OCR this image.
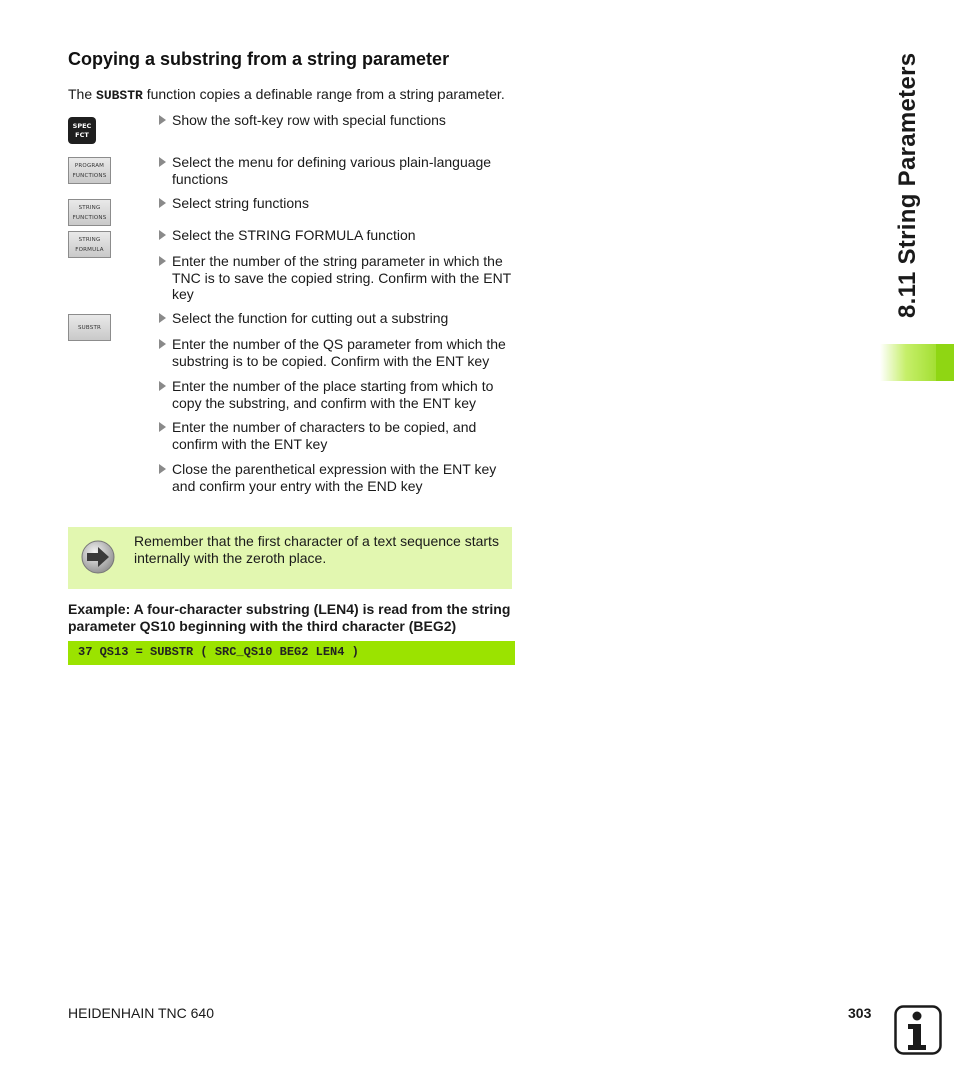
Copying a substring from a string parameter
The SUBSTR function copies a definable range from a string parameter.
SPEC
FCT
PROGRAM
FUNCTIONS
STRING
FUNCTIONS
STRING
FORMULA
SUBSTR
Show the soft-key row with special functions
Select the menu for defining various plain-language functions
Select string functions
Select the STRING FORMULA function
Enter the number of the string parameter in which the TNC is to save the copied string. Confirm with the ENT key
Select the function for cutting out a substring
Enter the number of the QS parameter from which the substring is to be copied. Confirm with the ENT key
Enter the number of the place starting from which to copy the substring, and confirm with the ENT key
Enter the number of characters to be copied, and confirm with the ENT key
Close the parenthetical expression with the ENT key and confirm your entry with the END key
Remember that the first character of a text sequence starts internally with the zeroth place.
Example: A four-character substring (LEN4) is read from the string parameter QS10 beginning with the third character (BEG2)
37 QS13 = SUBSTR ( SRC_QS10 BEG2 LEN4 )
8.11 String Parameters
HEIDENHAIN TNC 640	303
